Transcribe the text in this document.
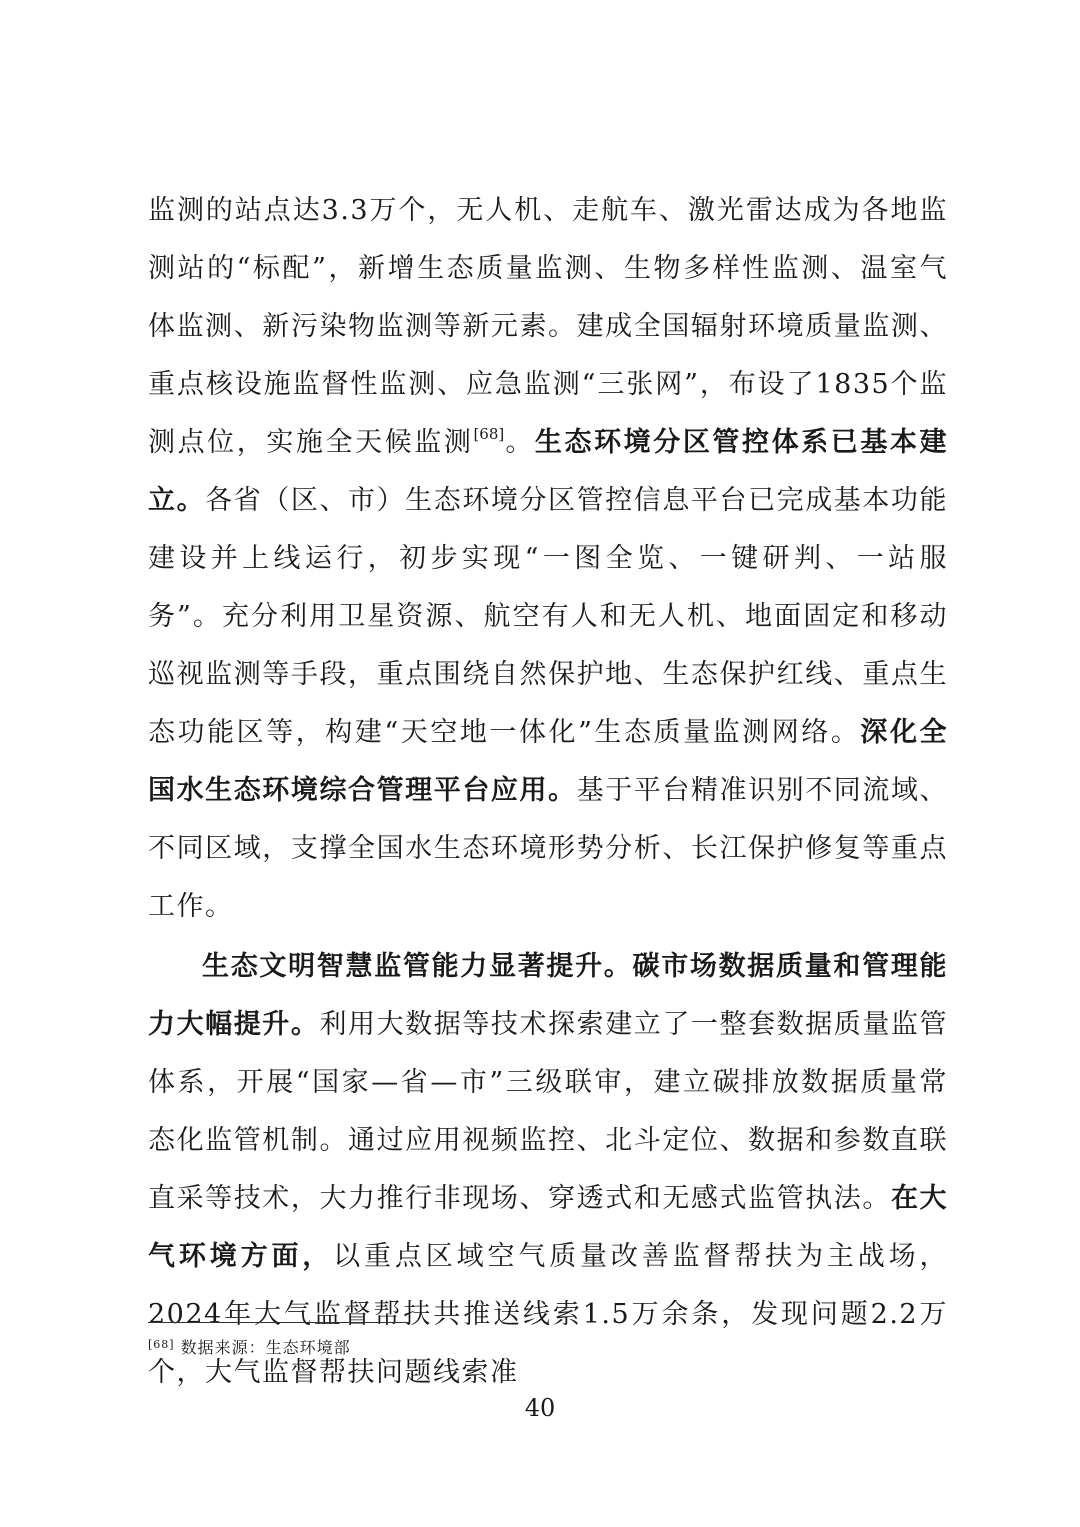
监测的站点达3.3万个，无人机、走航车、激光雷达成为各地监测站的“标配”，新增生态质量监测、生物多样性监测、温室气体监测、新污染物监测等新元素。建成全国辐射环境质量监测、重点核设施监督性监测、应急监测“三张网”，布设了1835个监测点位，实施全天候监测[68]。生态环境分区管控体系已基本建立。各省（区、市）生态环境分区管控信息平台已完成基本功能建设并上线运行，初步实现“一图全览、一键研判、一站服务”。充分利用卫星资源、航空有人和无人机、地面固定和移动巡视监测等手段，重点围绕自然保护地、生态保护红线、重点生态功能区等，构建“天空地一体化”生态质量监测网络。深化全国水生态环境综合管理平台应用。基于平台精准识别不同流域、不同区域，支撑全国水生态环境形势分析、长江保护修复等重点工作。

生态文明智慧监管能力显著提升。碳市场数据质量和管理能力大幅提升。利用大数据等技术探索建立了一整套数据质量监管体系，开展“国家—省—市”三级联审，建立碳排放数据质量常态化监管机制。通过应用视频监控、北斗定位、数据和参数直联直采等技术，大力推行非现场、穿透式和无感式监管执法。在大气环境方面，以重点区域空气质量改善监督帮扶为主战场，2024年大气监督帮扶共推送线索1.5万余条，发现问题2.2万个，大气监督帮扶问题线索准

[68] 数据来源：生态环境部
40
